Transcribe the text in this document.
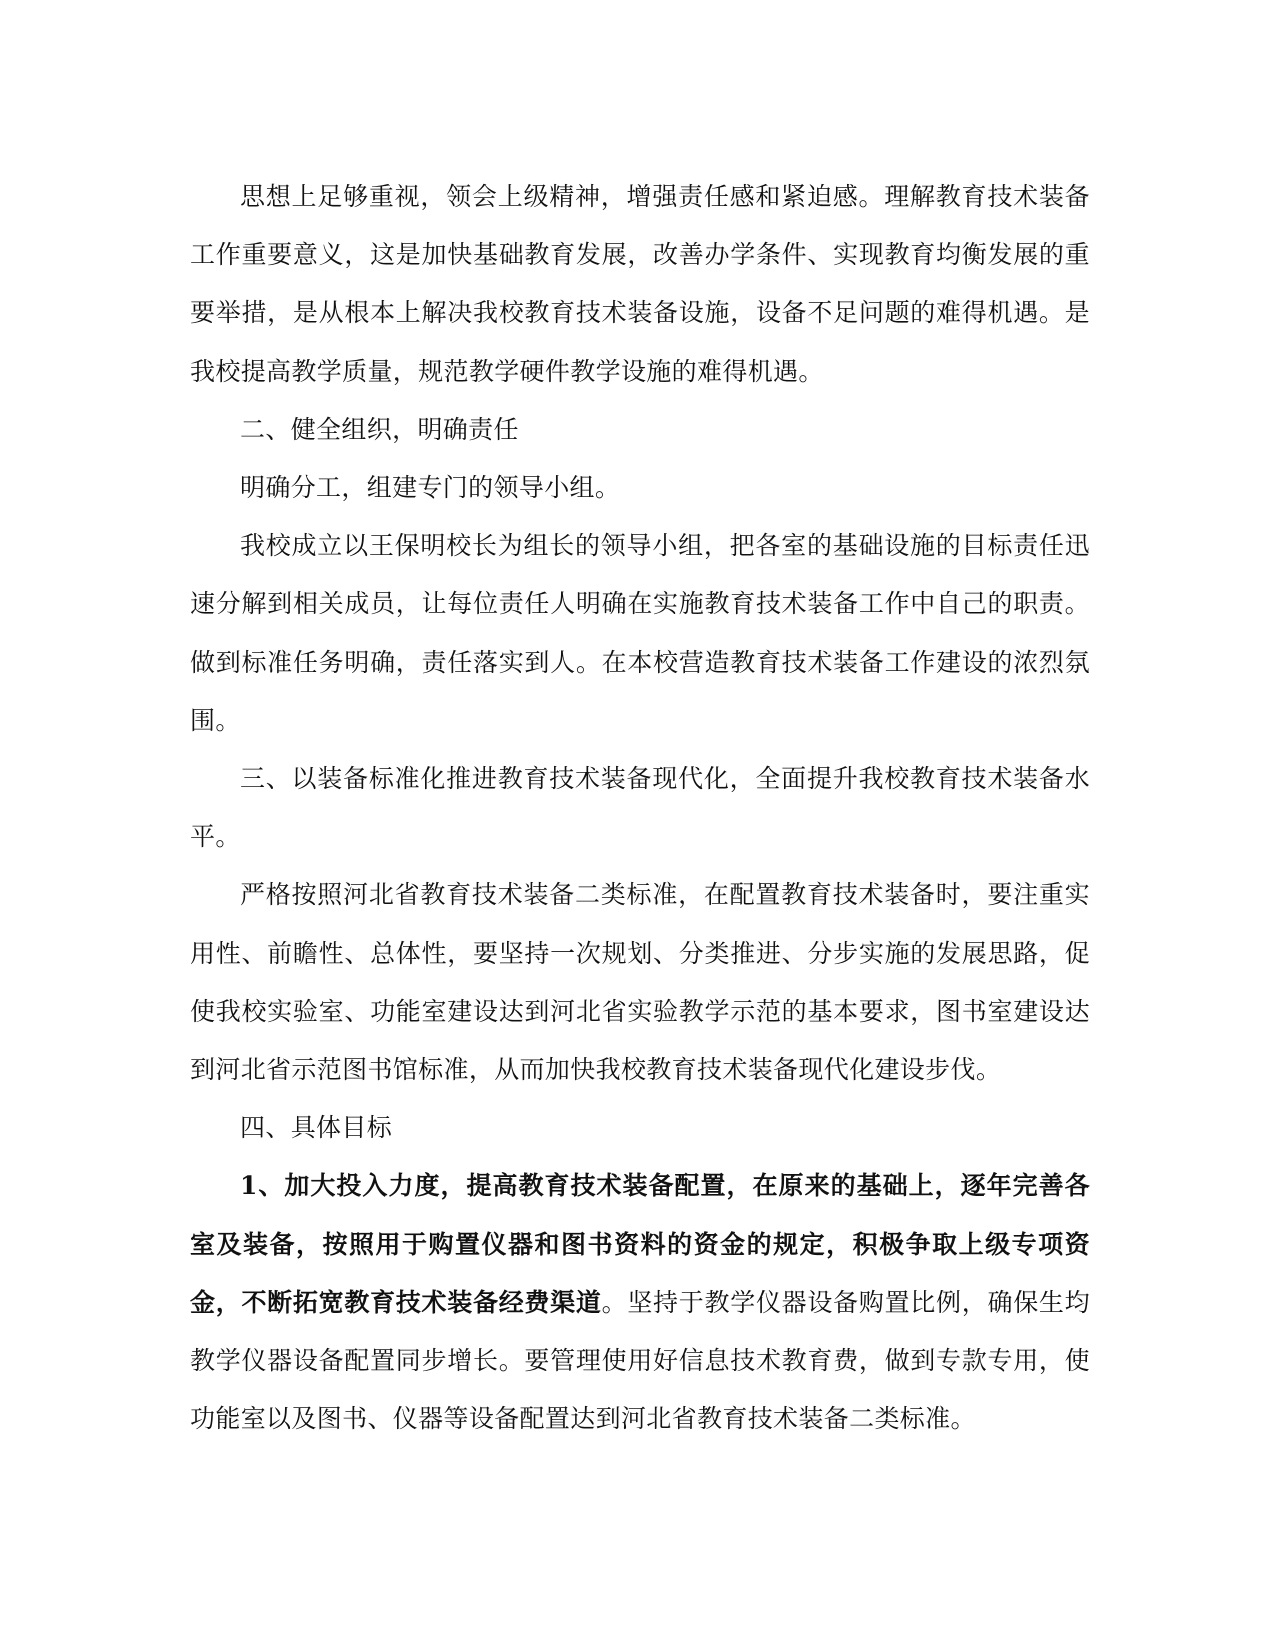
思想上足够重视，领会上级精神，增强责任感和紧迫感。理解教育技术装备工作重要意义，这是加快基础教育发展，改善办学条件、实现教育均衡发展的重要举措，是从根本上解决我校教育技术装备设施，设备不足问题的难得机遇。是我校提高教学质量，规范教学硬件教学设施的难得机遇。

二、健全组织，明确责任

明确分工，组建专门的领导小组。

我校成立以王保明校长为组长的领导小组，把各室的基础设施的目标责任迅速分解到相关成员，让每位责任人明确在实施教育技术装备工作中自己的职责。做到标准任务明确，责任落实到人。在本校营造教育技术装备工作建设的浓烈氛围。

三、以装备标准化推进教育技术装备现代化，全面提升我校教育技术装备水平。

严格按照河北省教育技术装备二类标准，在配置教育技术装备时，要注重实用性、前瞻性、总体性，要坚持一次规划、分类推进、分步实施的发展思路，促使我校实验室、功能室建设达到河北省实验教学示范的基本要求，图书室建设达到河北省示范图书馆标准，从而加快我校教育技术装备现代化建设步伐。

四、具体目标

1、加大投入力度，提高教育技术装备配置，在原来的基础上，逐年完善各室及装备，按照用于购置仪器和图书资料的资金的规定，积极争取上级专项资金，不断拓宽教育技术装备经费渠道。坚持于教学仪器设备购置比例，确保生均教学仪器设备配置同步增长。要管理使用好信息技术教育费，做到专款专用，使功能室以及图书、仪器等设备配置达到河北省教育技术装备二类标准。
